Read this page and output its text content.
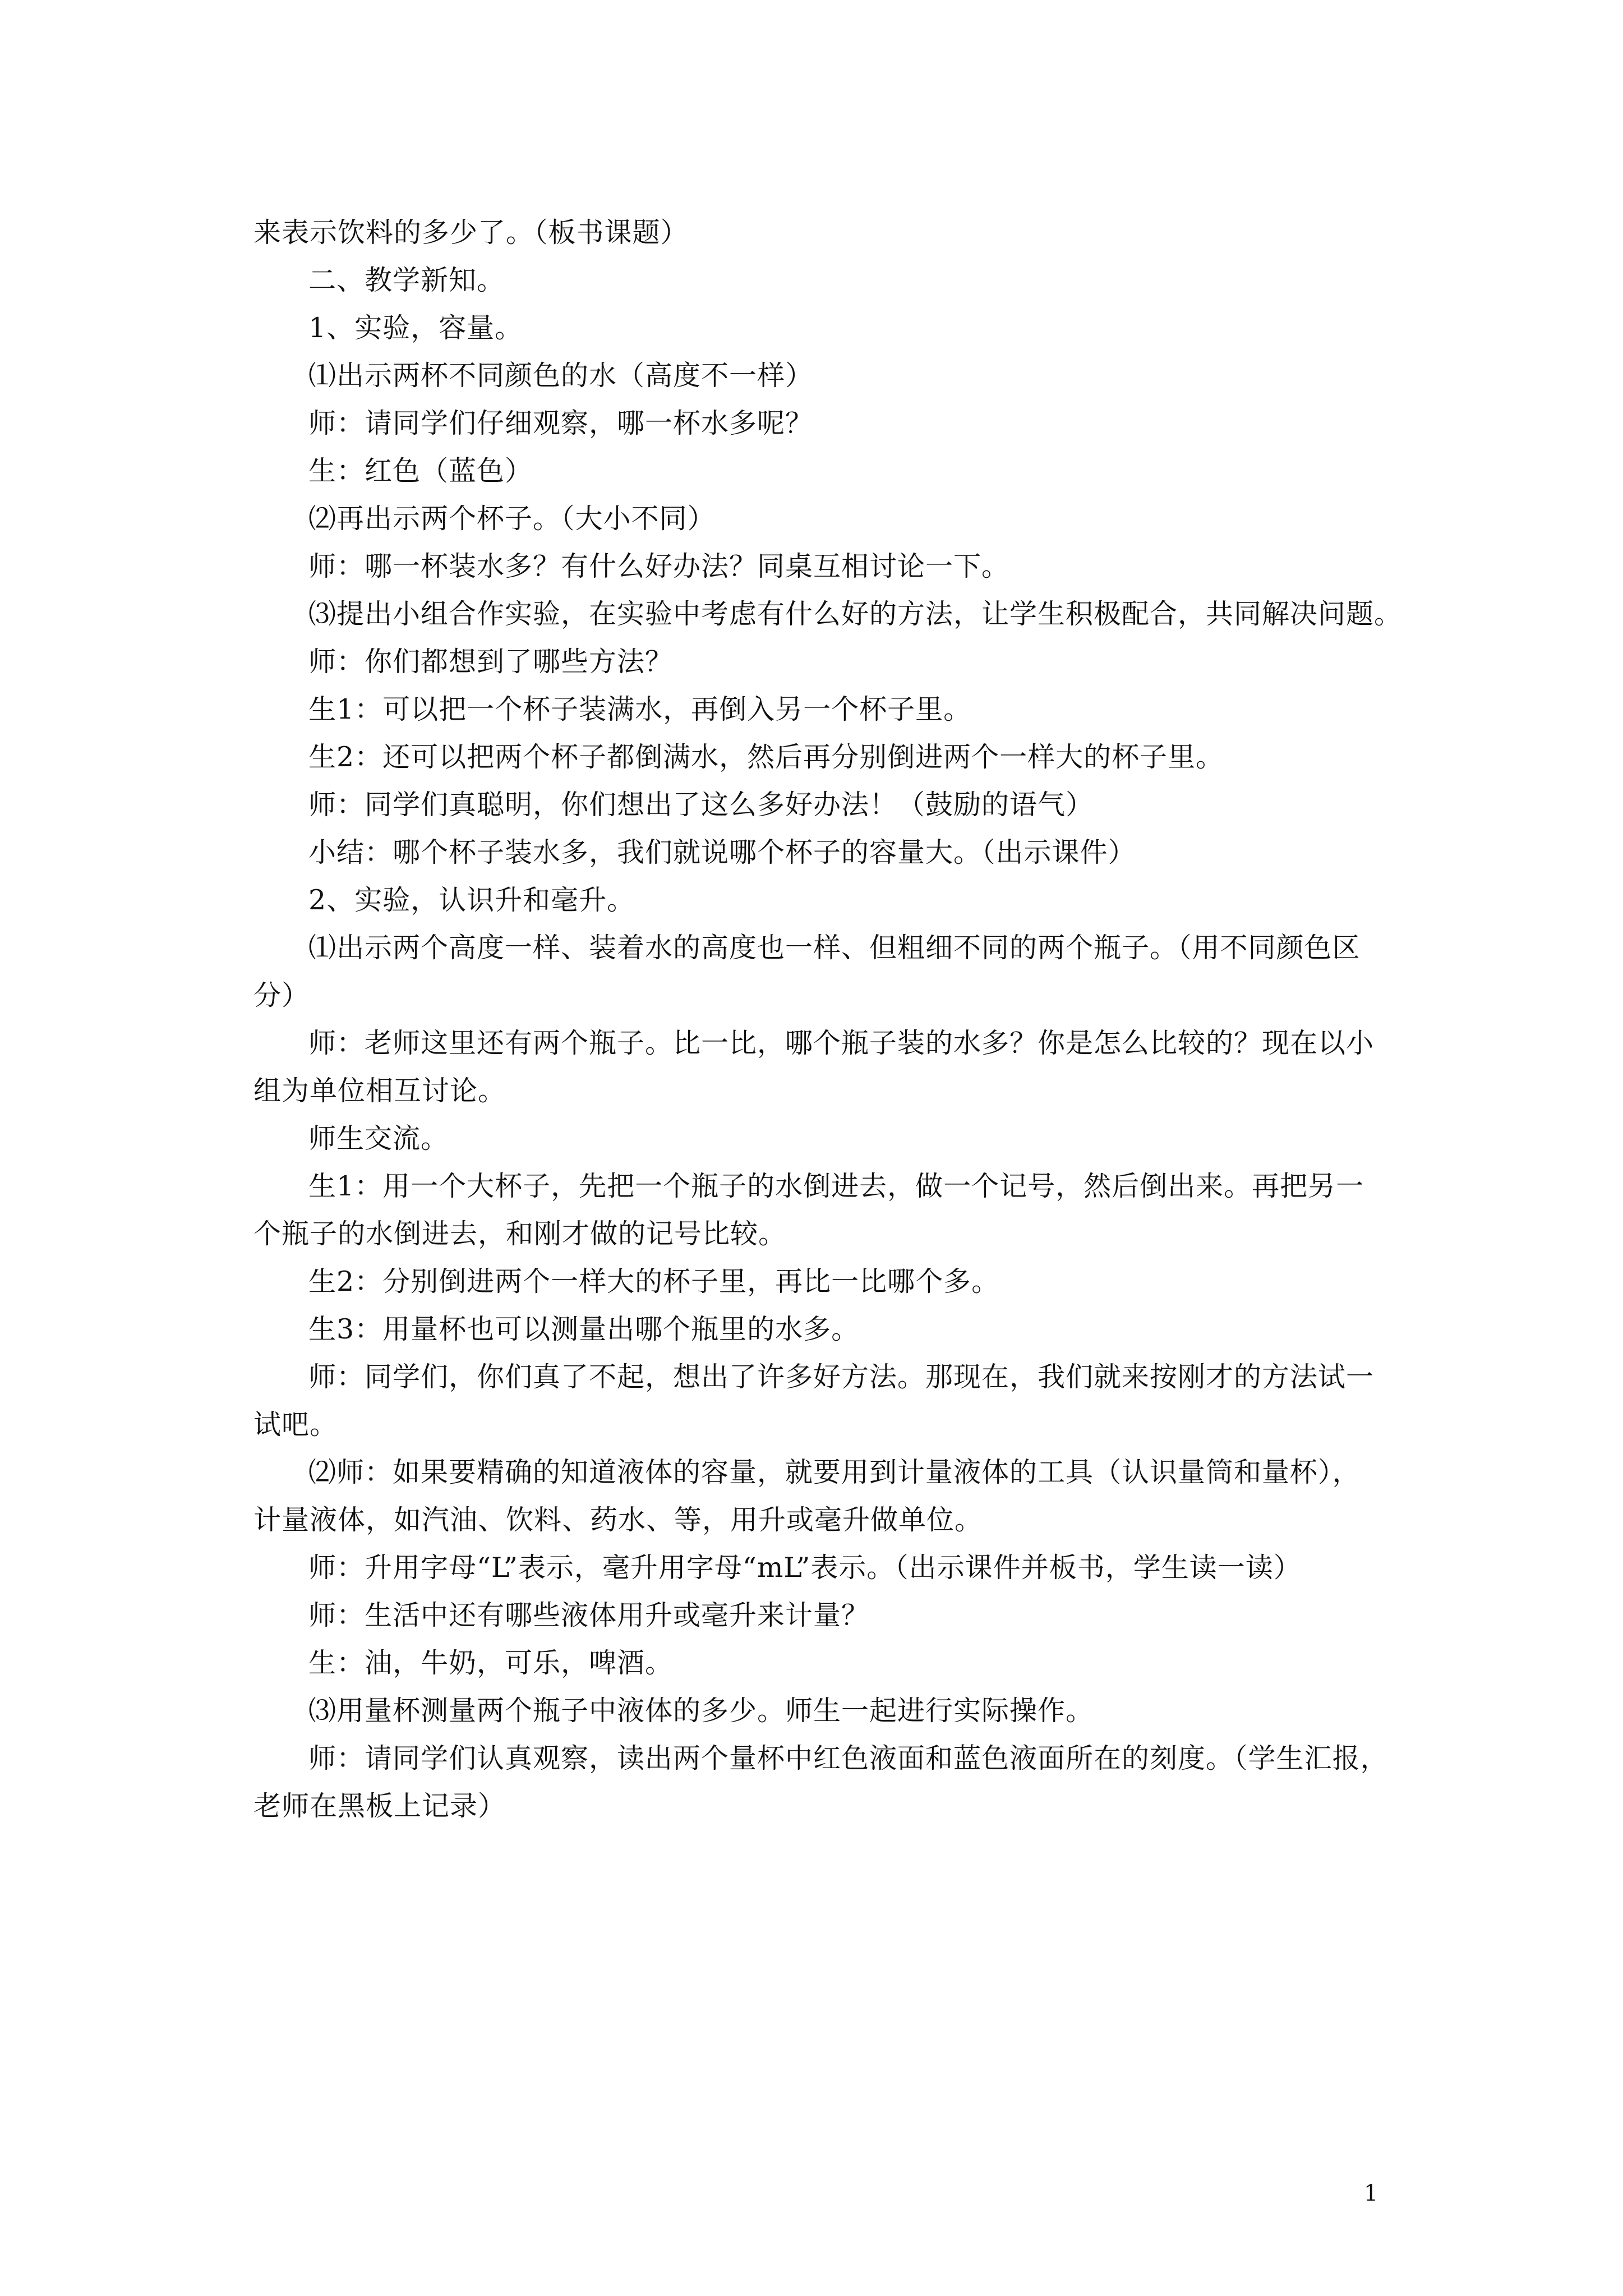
来表示饮料的多少了。（板书课题）
二、教学新知。
1、实验，容量。
⑴出示两杯不同颜色的水（高度不一样）
师：请同学们仔细观察，哪一杯水多呢？
生：红色（蓝色）
⑵再出示两个杯子。（大小不同）
师：哪一杯装水多？有什么好办法？同桌互相讨论一下。
⑶提出小组合作实验，在实验中考虑有什么好的方法，让学生积极配合，共同解决问题。
师：你们都想到了哪些方法？
生1：可以把一个杯子装满水，再倒入另一个杯子里。
生2：还可以把两个杯子都倒满水，然后再分别倒进两个一样大的杯子里。
师：同学们真聪明，你们想出了这么多好办法！（鼓励的语气）
小结：哪个杯子装水多，我们就说哪个杯子的容量大。（出示课件）
2、实验，认识升和毫升。
⑴出示两个高度一样、装着水的高度也一样、但粗细不同的两个瓶子。（用不同颜色区
分）
师：老师这里还有两个瓶子。比一比，哪个瓶子装的水多？你是怎么比较的？现在以小
组为单位相互讨论。
师生交流。
生1：用一个大杯子，先把一个瓶子的水倒进去，做一个记号，然后倒出来。再把另一
个瓶子的水倒进去，和刚才做的记号比较。
生2：分别倒进两个一样大的杯子里，再比一比哪个多。
生3：用量杯也可以测量出哪个瓶里的水多。
师：同学们，你们真了不起，想出了许多好方法。那现在，我们就来按刚才的方法试一
试吧。
⑵师：如果要精确的知道液体的容量，就要用到计量液体的工具（认识量筒和量杯），
计量液体，如汽油、饮料、药水、等，用升或毫升做单位。
师：升用字母“L”表示，毫升用字母“mL”表示。（出示课件并板书，学生读一读）
师：生活中还有哪些液体用升或毫升来计量？
生：油，牛奶，可乐，啤酒。
⑶用量杯测量两个瓶子中液体的多少。师生一起进行实际操作。
师：请同学们认真观察，读出两个量杯中红色液面和蓝色液面所在的刻度。（学生汇报，
老师在黑板上记录）
1
